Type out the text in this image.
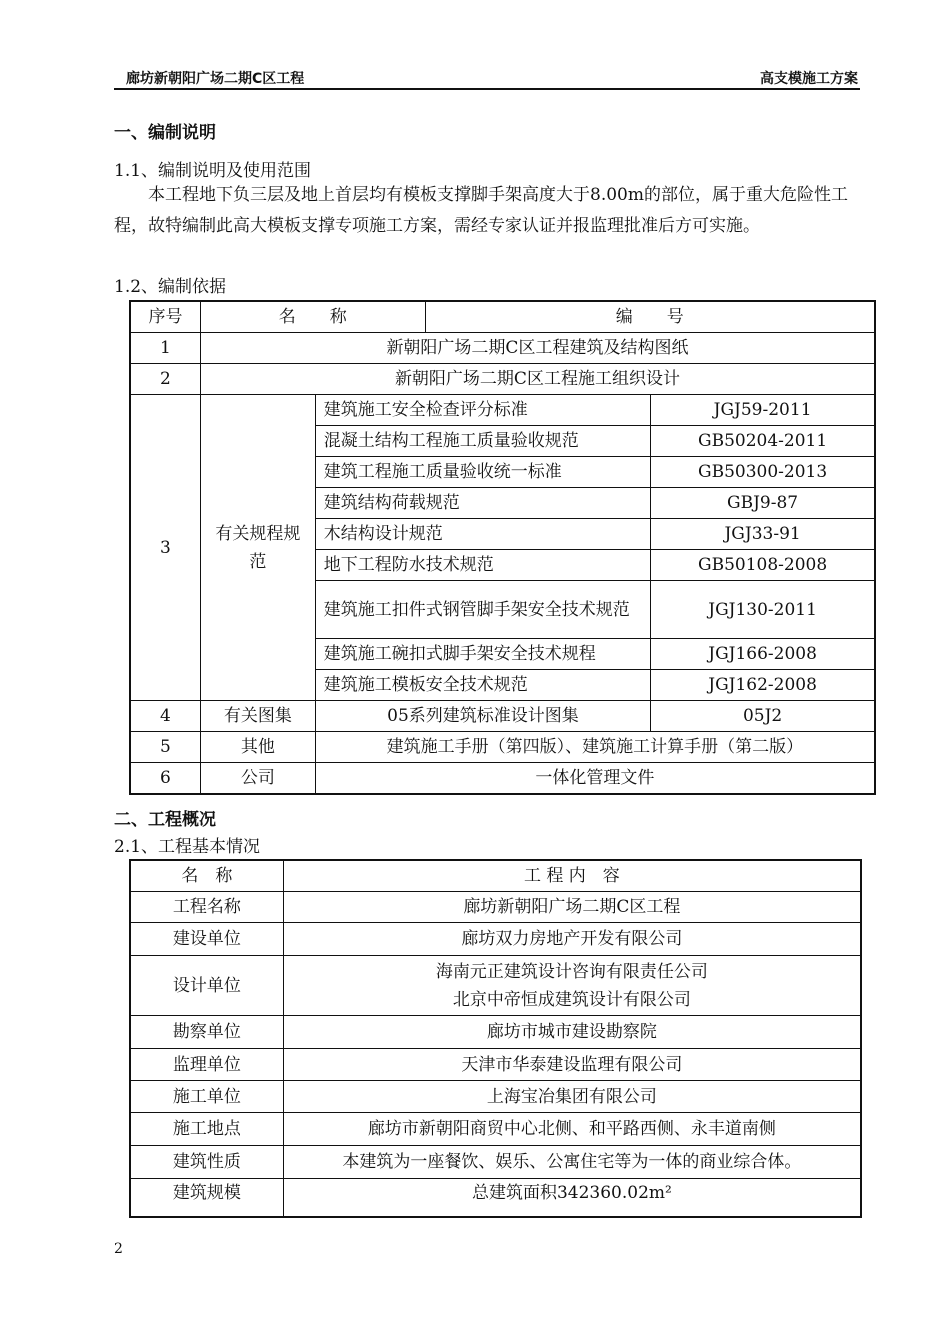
廊坊新朝阳广场二期C区工程	高支模施工方案
一、编制说明
1.1、编制说明及使用范围
本工程地下负三层及地上首层均有模板支撑脚手架高度大于8.00m的部位，属于重大危险性工程，故特编制此高大模板支撑专项施工方案，需经专家认证并报监理批准后方可实施。
1.2、编制依据
序号	名　　称		编　　号	
1	新朝阳广场二期C区工程建筑及结构图纸			
2	新朝阳广场二期C区工程施工组织设计			
3	有关规程规范	建筑施工安全检查评分标准		JGJ59-2011
		混凝土结构工程施工质量验收规范		GB50204-2011
		建筑工程施工质量验收统一标准		GB50300-2013
		建筑结构荷载规范		GBJ9-87
		木结构设计规范		JGJ33-91
		地下工程防水技术规范		GB50108-2008
		建筑施工扣件式钢管脚手架安全技术规范		JGJ130-2011
		建筑施工碗扣式脚手架安全技术规程		JGJ166-2008
		建筑施工模板安全技术规范		JGJ162-2008
4	有关图集	05系列建筑标准设计图集		05J2
5	其他	建筑施工手册（第四版）、建筑施工计算手册（第二版）		
6	公司	一体化管理文件		
二、工程概况
2.1、工程基本情况
名　称	工 程 内　容
工程名称	廊坊新朝阳广场二期C区工程
建设单位	廊坊双力房地产开发有限公司
设计单位	海南元正建筑设计咨询有限责任公司
北京中帝恒成建筑设计有限公司

勘察单位	廊坊市城市建设勘察院
监理单位	天津市华泰建设监理有限公司
施工单位	上海宝冶集团有限公司
施工地点	廊坊市新朝阳商贸中心北侧、和平路西侧、永丰道南侧
建筑性质	本建筑为一座餐饮、娱乐、公寓住宅等为一体的商业综合体。
建筑规模	总建筑面积342360.02m²
2
